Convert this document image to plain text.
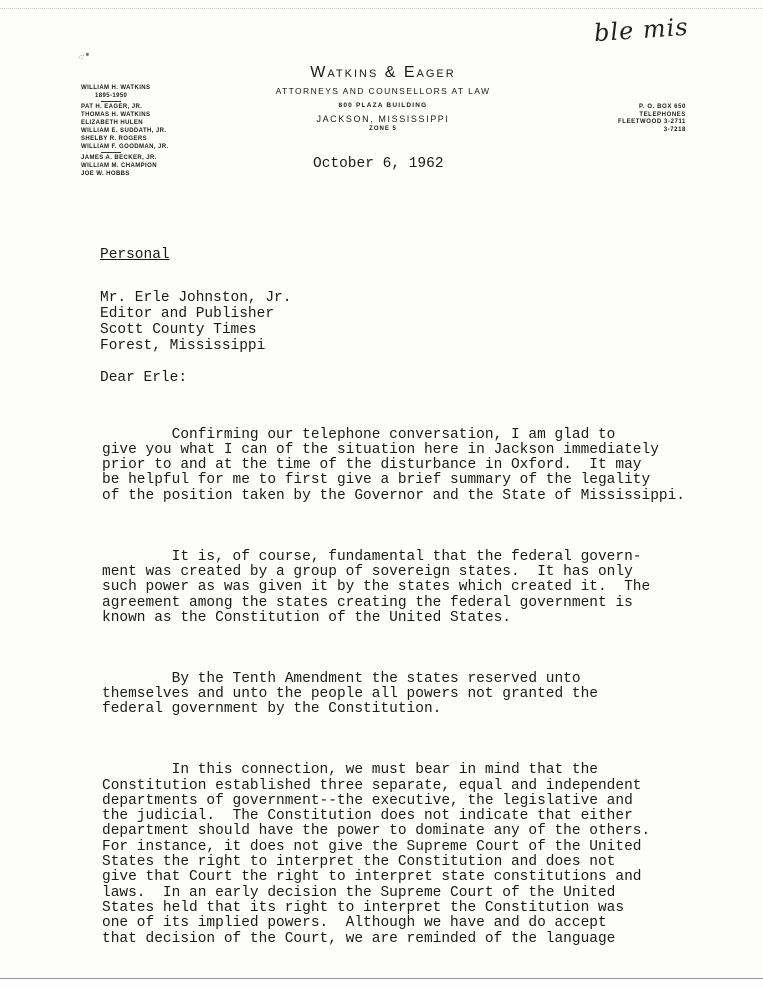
ble mis
·:·⁕
Watkins & Eager
ATTORNEYS AND COUNSELLORS AT LAW
800 PLAZA BUILDING
JACKSON, MISSISSIPPI
ZONE 5
WILLIAM H. WATKINS
1895-1950
PAT H. EAGER, JR.
THOMAS H. WATKINS
ELIZABETH HULEN
WILLIAM E. SUDDATH, JR.
SHELBY R. ROGERS
WILLIAM F. GOODMAN, JR.
JAMES A. BECKER, JR.
WILLIAM M. CHAMPION
JOE W. HOBBS
P. O. BOX 650
TELEPHONES
FLEETWOOD 3-2711
3-7218
October 6, 1962
Personal
Mr. Erle Johnston, Jr.
Editor and Publisher
Scott County Times
Forest, Mississippi
Dear Erle:

Confirming our telephone conversation, I am glad to
give you what I can of the situation here in Jackson immediately
prior to and at the time of the disturbance in Oxford.  It may
be helpful for me to first give a brief summary of the legality
of the position taken by the Governor and the State of Mississippi.

It is, of course, fundamental that the federal govern-
ment was created by a group of sovereign states.  It has only
such power as was given it by the states which created it.  The
agreement among the states creating the federal government is
known as the Constitution of the United States.

By the Tenth Amendment the states reserved unto
themselves and unto the people all powers not granted the
federal government by the Constitution.

In this connection, we must bear in mind that the
Constitution established three separate, equal and independent
departments of government--the executive, the legislative and
the judicial.  The Constitution does not indicate that either
department should have the power to dominate any of the others.
For instance, it does not give the Supreme Court of the United
States the right to interpret the Constitution and does not
give that Court the right to interpret state constitutions and
laws.  In an early decision the Supreme Court of the United
States held that its right to interpret the Constitution was
one of its implied powers.  Although we have and do accept
that decision of the Court, we are reminded of the language
